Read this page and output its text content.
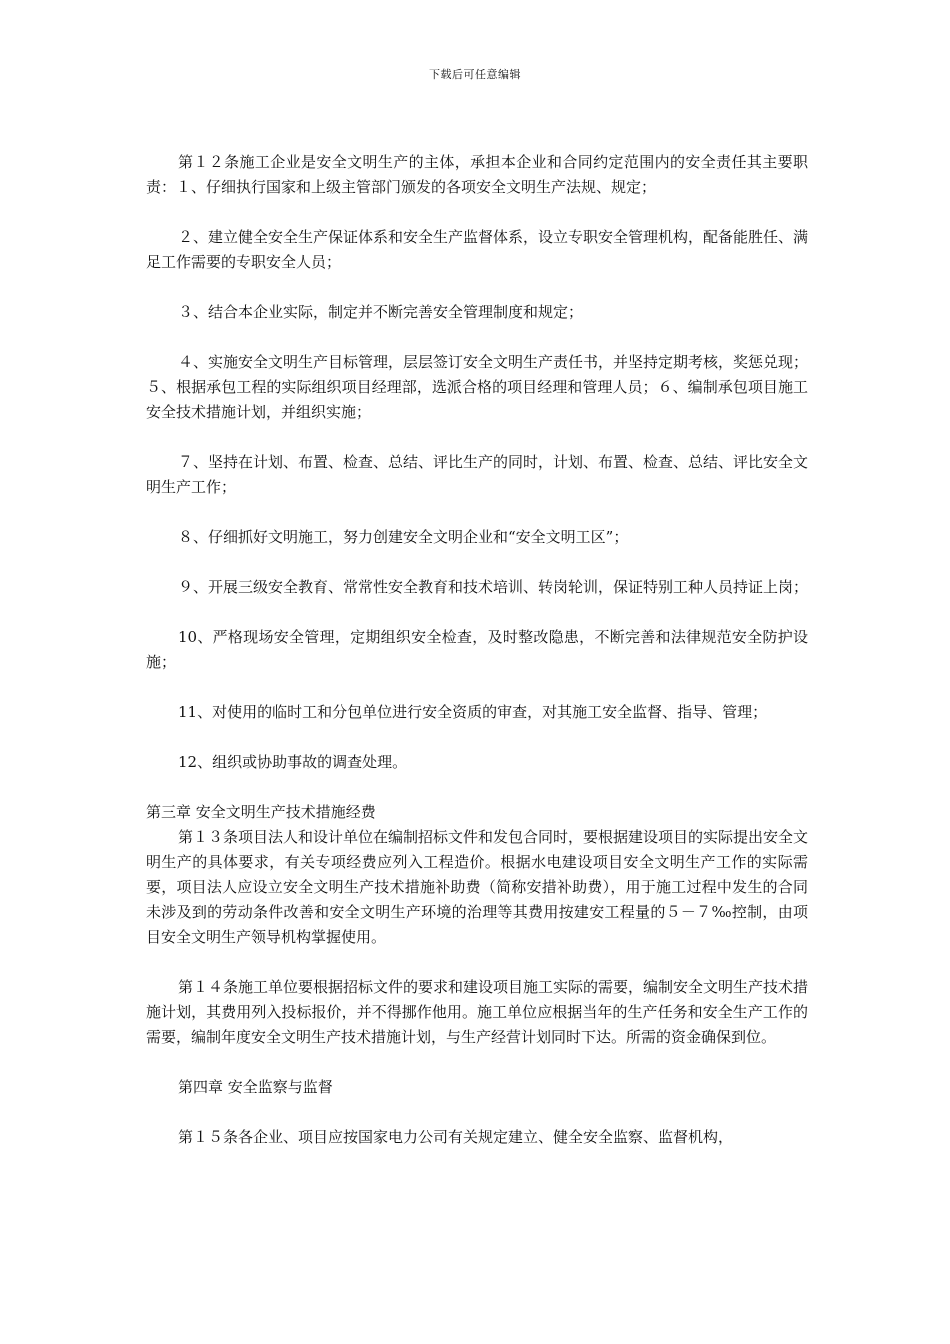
下载后可任意编辑

第１２条施工企业是安全文明生产的主体，承担本企业和合同约定范围内的安全责任其主要职责：１、仔细执行国家和上级主管部门颁发的各项安全文明生产法规、规定；

２、建立健全安全生产保证体系和安全生产监督体系，设立专职安全管理机构，配备能胜任、满足工作需要的专职安全人员；

３、结合本企业实际，制定并不断完善安全管理制度和规定；

４、实施安全文明生产目标管理，层层签订安全文明生产责任书，并坚持定期考核，奖惩兑现；５、根据承包工程的实际组织项目经理部，选派合格的项目经理和管理人员；６、编制承包项目施工安全技术措施计划，并组织实施；

７、坚持在计划、布置、检查、总结、评比生产的同时，计划、布置、检查、总结、评比安全文明生产工作；

８、仔细抓好文明施工，努力创建安全文明企业和“安全文明工区”；

９、开展三级安全教育、常常性安全教育和技术培训、转岗轮训，保证特别工种人员持证上岗；

10、严格现场安全管理，定期组织安全检查，及时整改隐患，不断完善和法律规范安全防护设施；

11、对使用的临时工和分包单位进行安全资质的审查，对其施工安全监督、指导、管理；

12、组织或协助事故的调查处理。

第三章 安全文明生产技术措施经费

第１３条项目法人和设计单位在编制招标文件和发包合同时，要根据建设项目的实际提出安全文明生产的具体要求，有关专项经费应列入工程造价。根据水电建设项目安全文明生产工作的实际需要，项目法人应设立安全文明生产技术措施补助费（简称安措补助费），用于施工过程中发生的合同未涉及到的劳动条件改善和安全文明生产环境的治理等其费用按建安工程量的５－７‰控制，由项目安全文明生产领导机构掌握使用。

第１４条施工单位要根据招标文件的要求和建设项目施工实际的需要，编制安全文明生产技术措施计划，其费用列入投标报价，并不得挪作他用。施工单位应根据当年的生产任务和安全生产工作的需要，编制年度安全文明生产技术措施计划，与生产经营计划同时下达。所需的资金确保到位。

第四章 安全监察与监督

第１５条各企业、项目应按国家电力公司有关规定建立、健全安全监察、监督机构，
